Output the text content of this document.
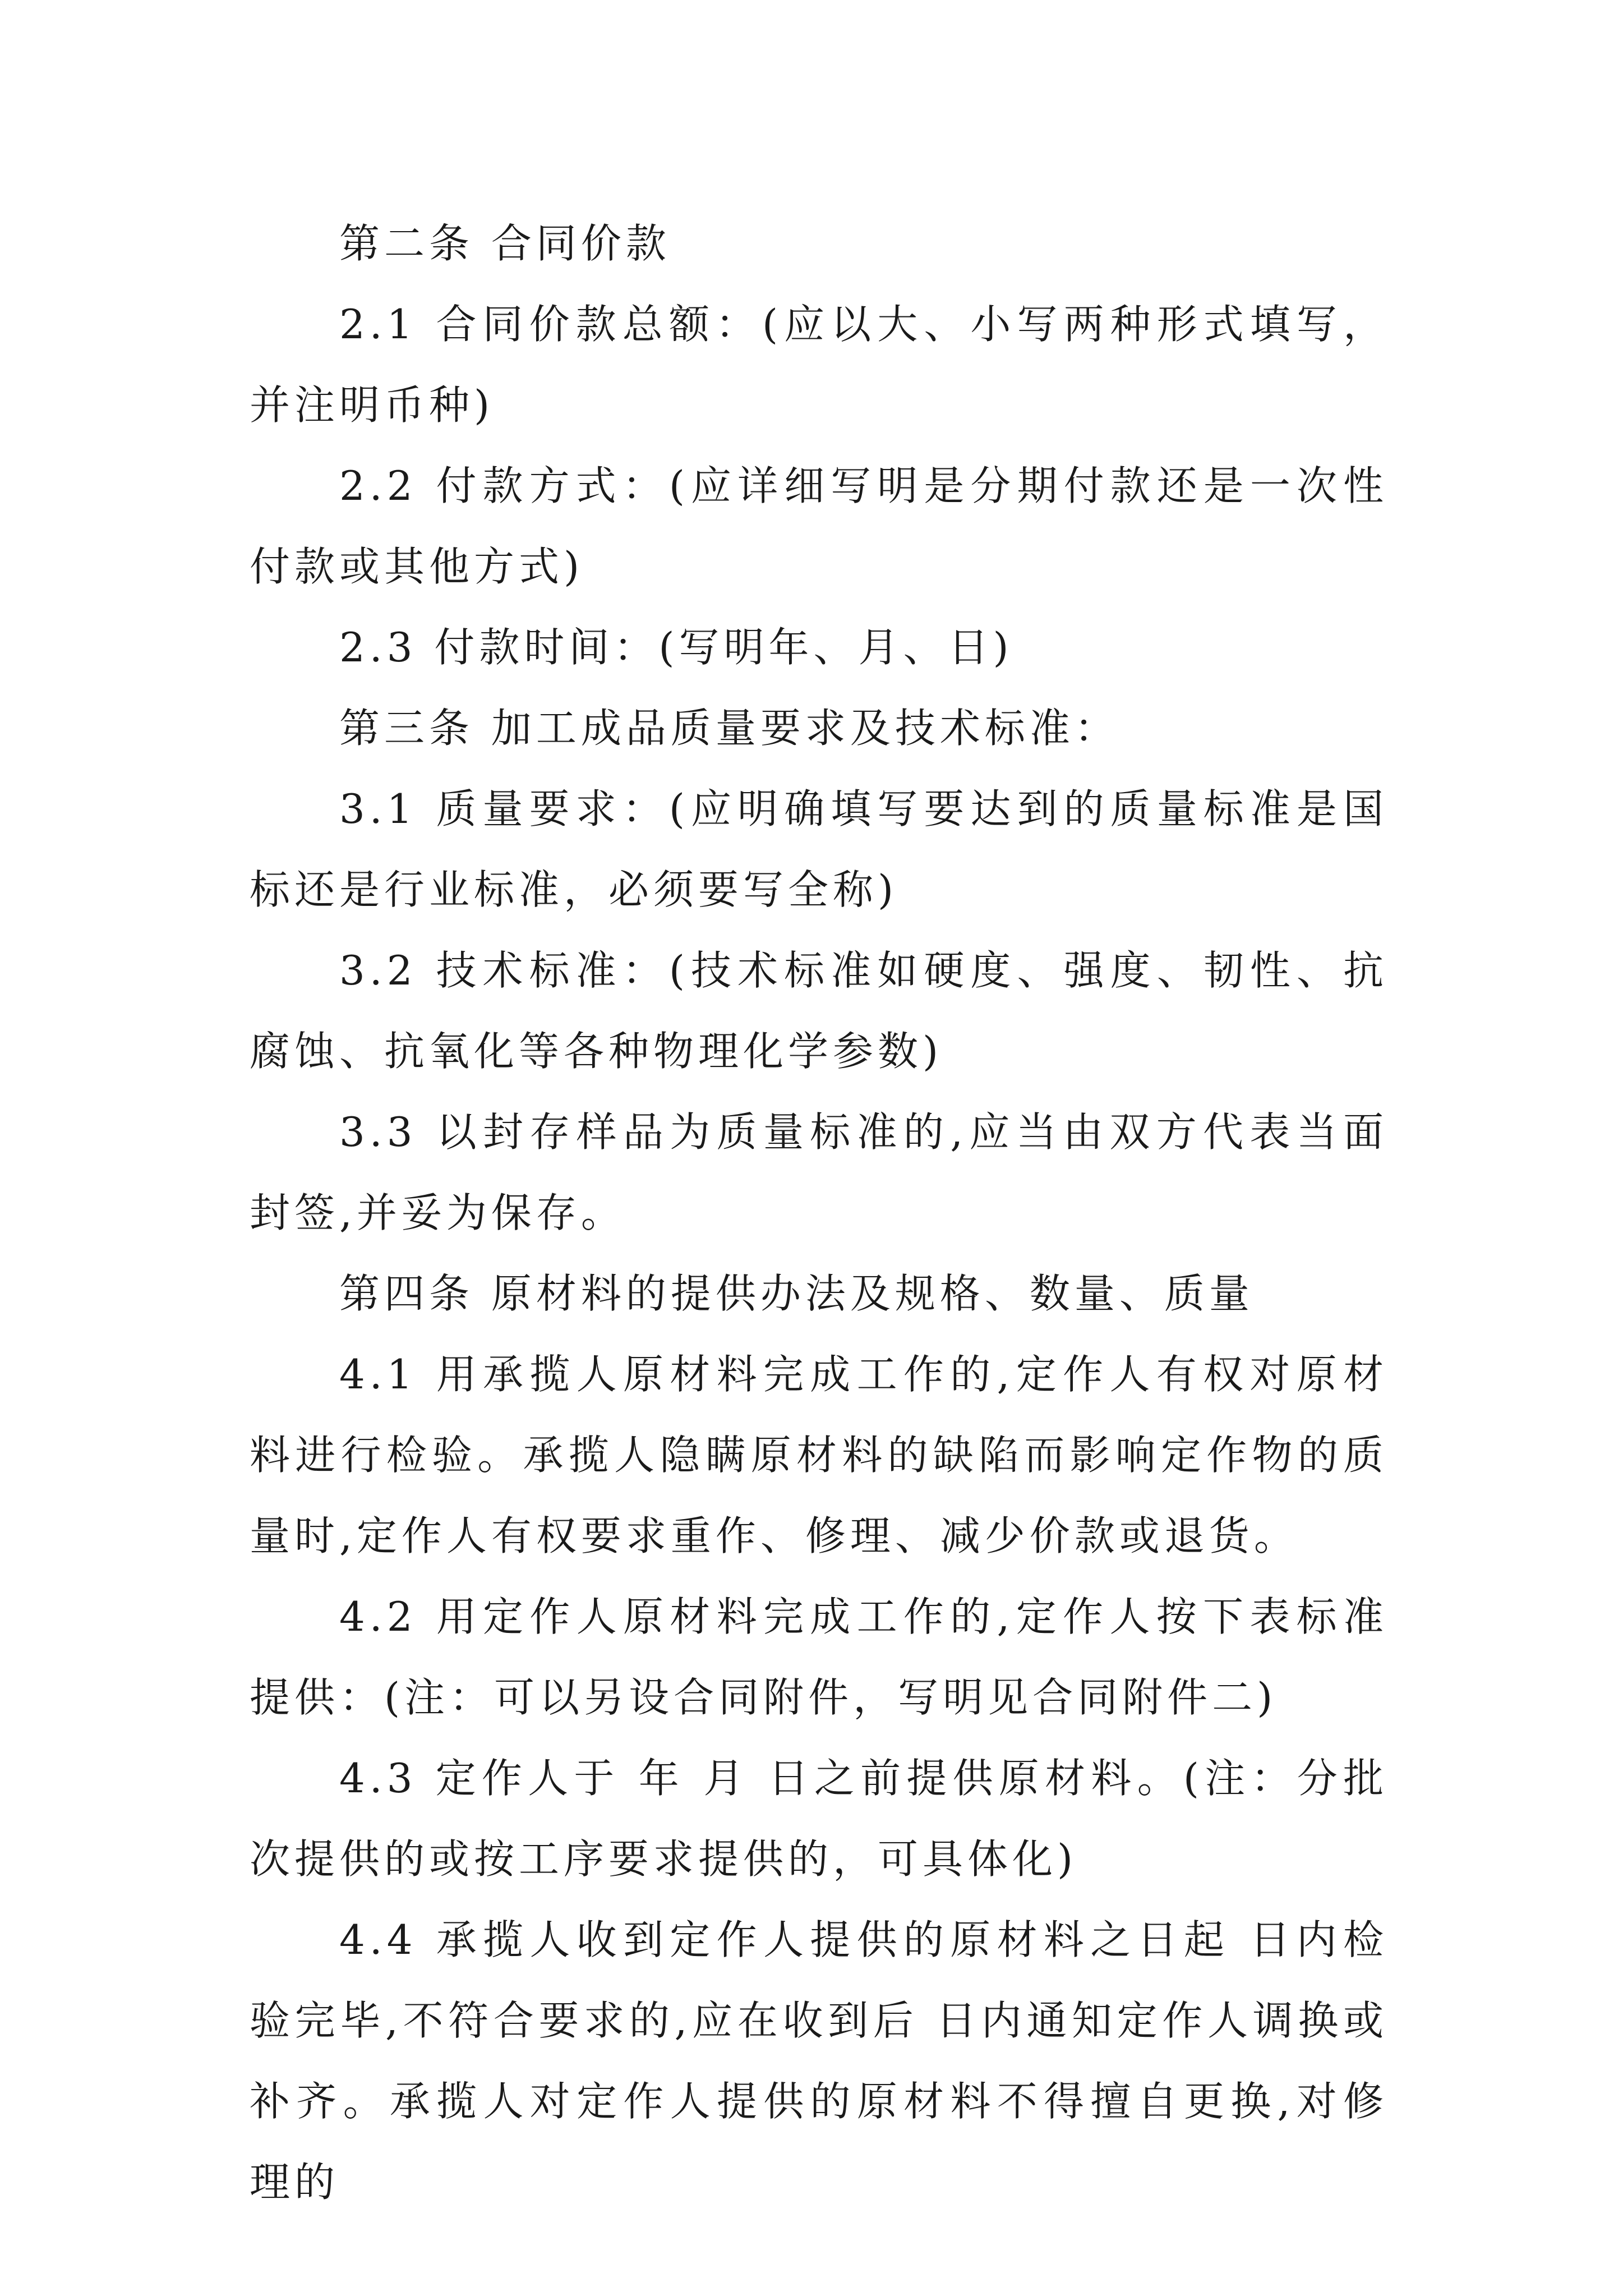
第二条 合同价款

2.1 合同价款总额：(应以大、小写两种形式填写，并注明币种)

2.2 付款方式：(应详细写明是分期付款还是一次性付款或其他方式)

2.3 付款时间：(写明年、月、日)

第三条 加工成品质量要求及技术标准：

3.1 质量要求：(应明确填写要达到的质量标准是国标还是行业标准，必须要写全称)

3.2 技术标准：(技术标准如硬度、强度、韧性、抗腐蚀、抗氧化等各种物理化学参数)

3.3 以封存样品为质量标准的,应当由双方代表当面封签,并妥为保存。

第四条 原材料的提供办法及规格、数量、质量

4.1 用承揽人原材料完成工作的,定作人有权对原材料进行检验。承揽人隐瞒原材料的缺陷而影响定作物的质量时,定作人有权要求重作、修理、减少价款或退货。

4.2 用定作人原材料完成工作的,定作人按下表标准提供：(注：可以另设合同附件，写明见合同附件二)

4.3 定作人于 年 月 日之前提供原材料。(注：分批次提供的或按工序要求提供的，可具体化)

4.4 承揽人收到定作人提供的原材料之日起 日内检验完毕,不符合要求的,应在收到后 日内通知定作人调换或补齐。承揽人对定作人提供的原材料不得擅自更换,对修理的
